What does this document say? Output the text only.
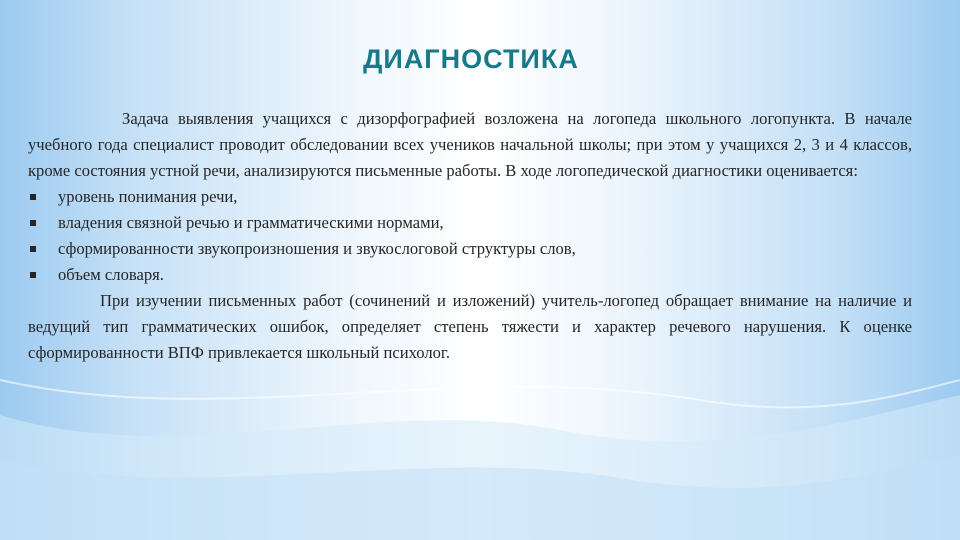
ДИАГНОСТИКА

Задача выявления учащихся с дизорфографией возложена на логопеда школьного логопункта. В начале учебного года специалист проводит обследовании всех учеников начальной школы; при этом у учащихся 2, 3 и 4 классов, кроме состояния устной речи, анализируются письменные работы. В ходе логопедической диагностики оценивается:

уровень понимания речи,
владения связной речью и грамматическими нормами,
сформированности звукопроизношения и звукослоговой структуры слов,
объем словаря.

При изучении письменных работ (сочинений и изложений) учитель-логопед обращает внимание на наличие и ведущий тип грамматических ошибок, определяет степень тяжести и характер речевого нарушения. К оценке сформированности ВПФ привлекается школьный психолог.
